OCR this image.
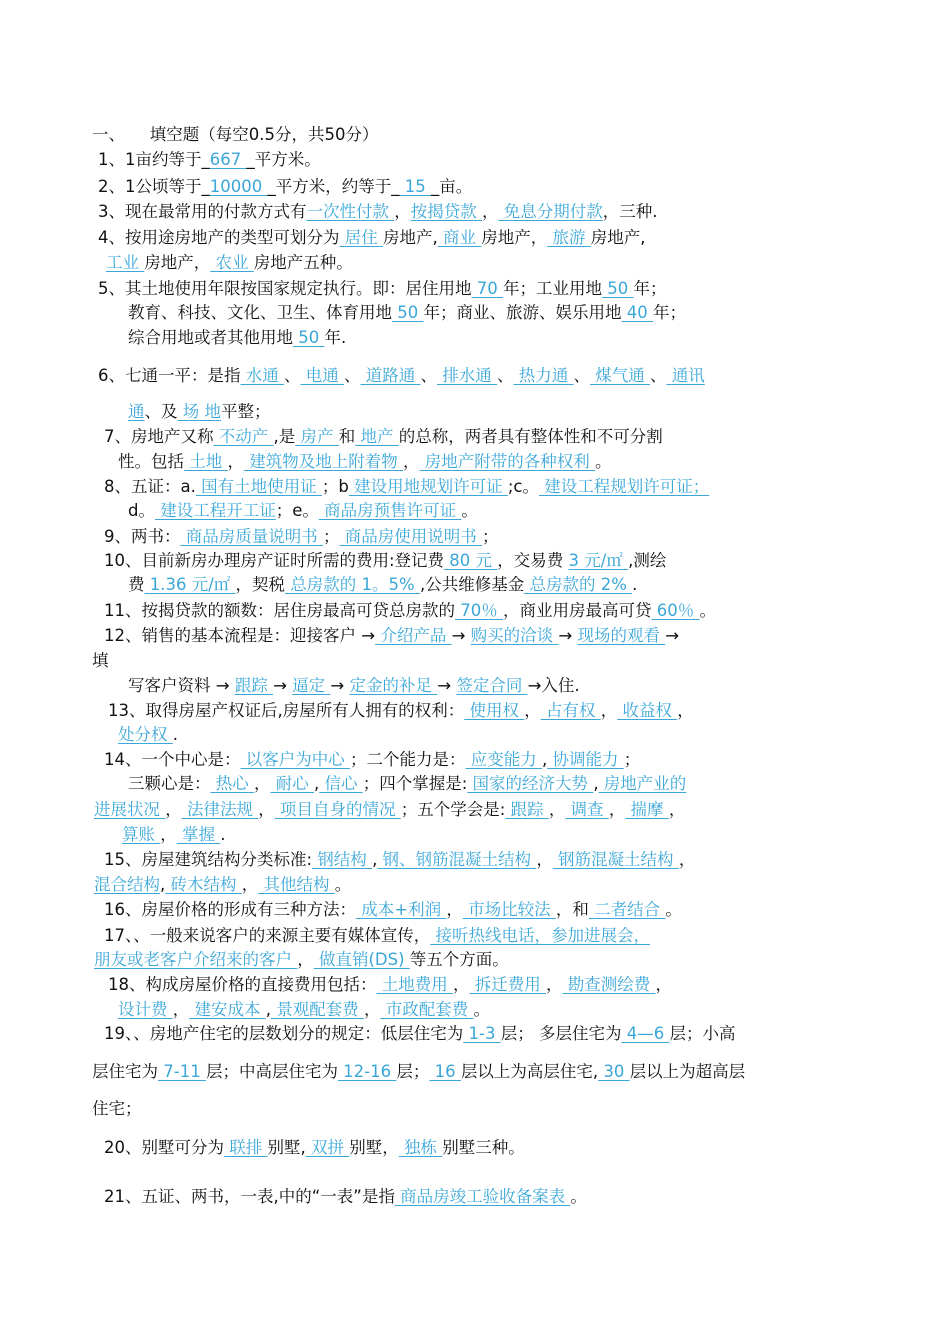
一、　　填空题（每空0.5分，共50分）
1、1亩约等于_667 _平方米。
2、1公顷等于_10000 _平方米，约等于_ 15 _亩。
3、现在最常用的付款方式有一次性付款 ，按揭贷款 ， 免息分期付款，三种.
4、按用途房地产的类型可划分为 居住 房地产, 商业 房地产， 旅游 房地产,
工业 房地产， 农业 房地产五种。
5、其土地使用年限按国家规定执行。即：居住用地 70 年；工业用地 50 年；
教育、科技、文化、卫生、体育用地 50 年；商业、旅游、娱乐用地 40 年；
综合用地或者其他用地 50 年.
6、七通一平：是指 水通 、 电通 、 道路通 、 排水通 、 热力通 、 煤气通 、 通讯
通、及 场 地平整；
7、房地产又称 不动产 ,是 房产 和 地产 的总称，两者具有整体性和不可分割
性。包括 土地 ， 建筑物及地上附着物 ， 房地产附带的各种权利 。
8、五证：a. 国有土地使用证 ；b 建设用地规划许可证 ;c。 建设工程规划许可证；
d。 建设工程开工证；e。 商品房预售许可证 。
9、两书： 商品房质量说明书 ； 商品房使用说明书 ；
10、目前新房办理房产证时所需的费用:登记费 80 元 ，交易费 3 元/㎡ ,测绘
费 1.36 元/㎡ ，契税 总房款的 1。5% ,公共维修基金 总房款的 2% .
11、按揭贷款的额数：居住房最高可贷总房款的 70％ ，商业用房最高可贷 60％ 。
12、销售的基本流程是：迎接客户 → 介绍产品 → 购买的洽谈 → 现场的观看 →
填
写客户资料 → 跟踪 → 逼定 → 定金的补足 → 签定合同 →入住.
13、取得房屋产权证后,房屋所有人拥有的权利： 使用权 ， 占有权 ， 收益权 ，
处分权 .
14、一个中心是： 以客户为中心 ；二个能力是： 应变能力 , 协调能力 ；
三颗心是： 热心 ， 耐心 , 信心 ；四个掌握是: 国家的经济大势 , 房地产业的
进展状况 ， 法律法规 ， 项目自身的情况 ；五个学会是: 跟踪 ， 调查 ， 揣摩 ，
算账 ， 掌握 .
15、房屋建筑结构分类标准: 钢结构 , 钢、钢筋混凝土结构 ， 钢筋混凝土结构 ，
混合结构, 砖木结构 ， 其他结构 。
16、房屋价格的形成有三种方法： 成本+利润 ， 市场比较法 ，和 二者结合 。
17、、一般来说客户的来源主要有媒体宣传， 接听热线电话，参加进展会，
朋友或老客户介绍来的客户 ， 做直销(DS) 等五个方面。
18、构成房屋价格的直接费用包括： 土地费用 ， 拆迁费用 ， 勘查测绘费 ，
设计费 ， 建安成本 , 景观配套费 ， 市政配套费 。
19、、房地产住宅的层数划分的规定：低层住宅为 1-3 层； 多层住宅为 4—6 层；小高
层住宅为 7-11 层；中高层住宅为 12-16 层； 16 层以上为高层住宅, 30 层以上为超高层
住宅；
20、别墅可分为 联排 别墅, 双拼 别墅， 独栋 别墅三种。
21、五证、两书，一表,中的“一表”是指 商品房竣工验收备案表 。
